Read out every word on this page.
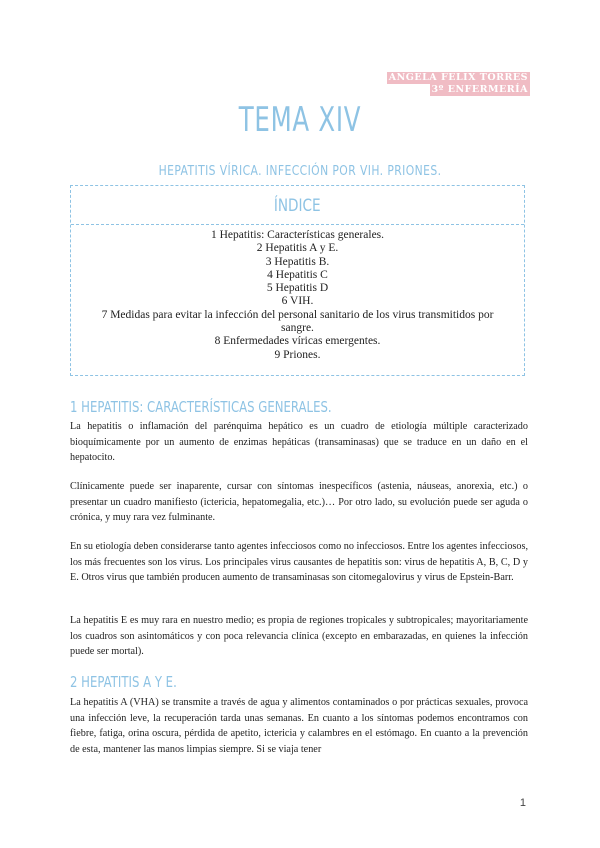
ANGELA FELIX TORRES
3º ENFERMERÍA
TEMA XIV
HEPATITIS VÍRICA. INFECCIÓN POR VIH. PRIONES.
ÍNDICE
1 Hepatitis: Características generales.
2 Hepatitis A y E.
3 Hepatitis B.
4 Hepatitis C
5 Hepatitis D
6 VIH.
7 Medidas para evitar la infección del personal sanitario de los virus transmitidos por sangre.
8 Enfermedades víricas emergentes.
9 Priones.
1 HEPATITIS: CARACTERÍSTICAS GENERALES.

La hepatitis o inflamación del parénquima hepático es un cuadro de etiología múltiple caracterizado bioquímicamente por un aumento de enzimas hepáticas (transaminasas) que se traduce en un daño en el hepatocito.

Clínicamente puede ser inaparente, cursar con síntomas inespecíficos (astenia, náuseas, anorexia, etc.) o presentar un cuadro manifiesto (ictericia, hepatomegalia, etc.)… Por otro lado, su evolución puede ser aguda o crónica, y muy rara vez fulminante.

En su etiología deben considerarse tanto agentes infecciosos como no infecciosos. Entre los agentes infecciosos, los más frecuentes son los virus. Los principales virus causantes de hepatitis son: virus de hepatitis A, B, C, D y E. Otros virus que también producen aumento de transaminasas son citomegalovirus y virus de Epstein-Barr.

La hepatitis E es muy rara en nuestro medio; es propia de regiones tropicales y subtropicales; mayoritariamente los cuadros son asintomáticos y con poca relevancia clínica (excepto en embarazadas, en quienes la infección puede ser mortal).

2 HEPATITIS A Y E.

La hepatitis A (VHA) se transmite a través de agua y alimentos contaminados o por prácticas sexuales, provoca una infección leve, la recuperación tarda unas semanas. En cuanto a los síntomas podemos encontramos con fiebre, fatiga, orina oscura, pérdida de apetito, ictericia y calambres en el estómago. En cuanto a la prevención de esta, mantener las manos limpias siempre. Si se viaja tener

1
